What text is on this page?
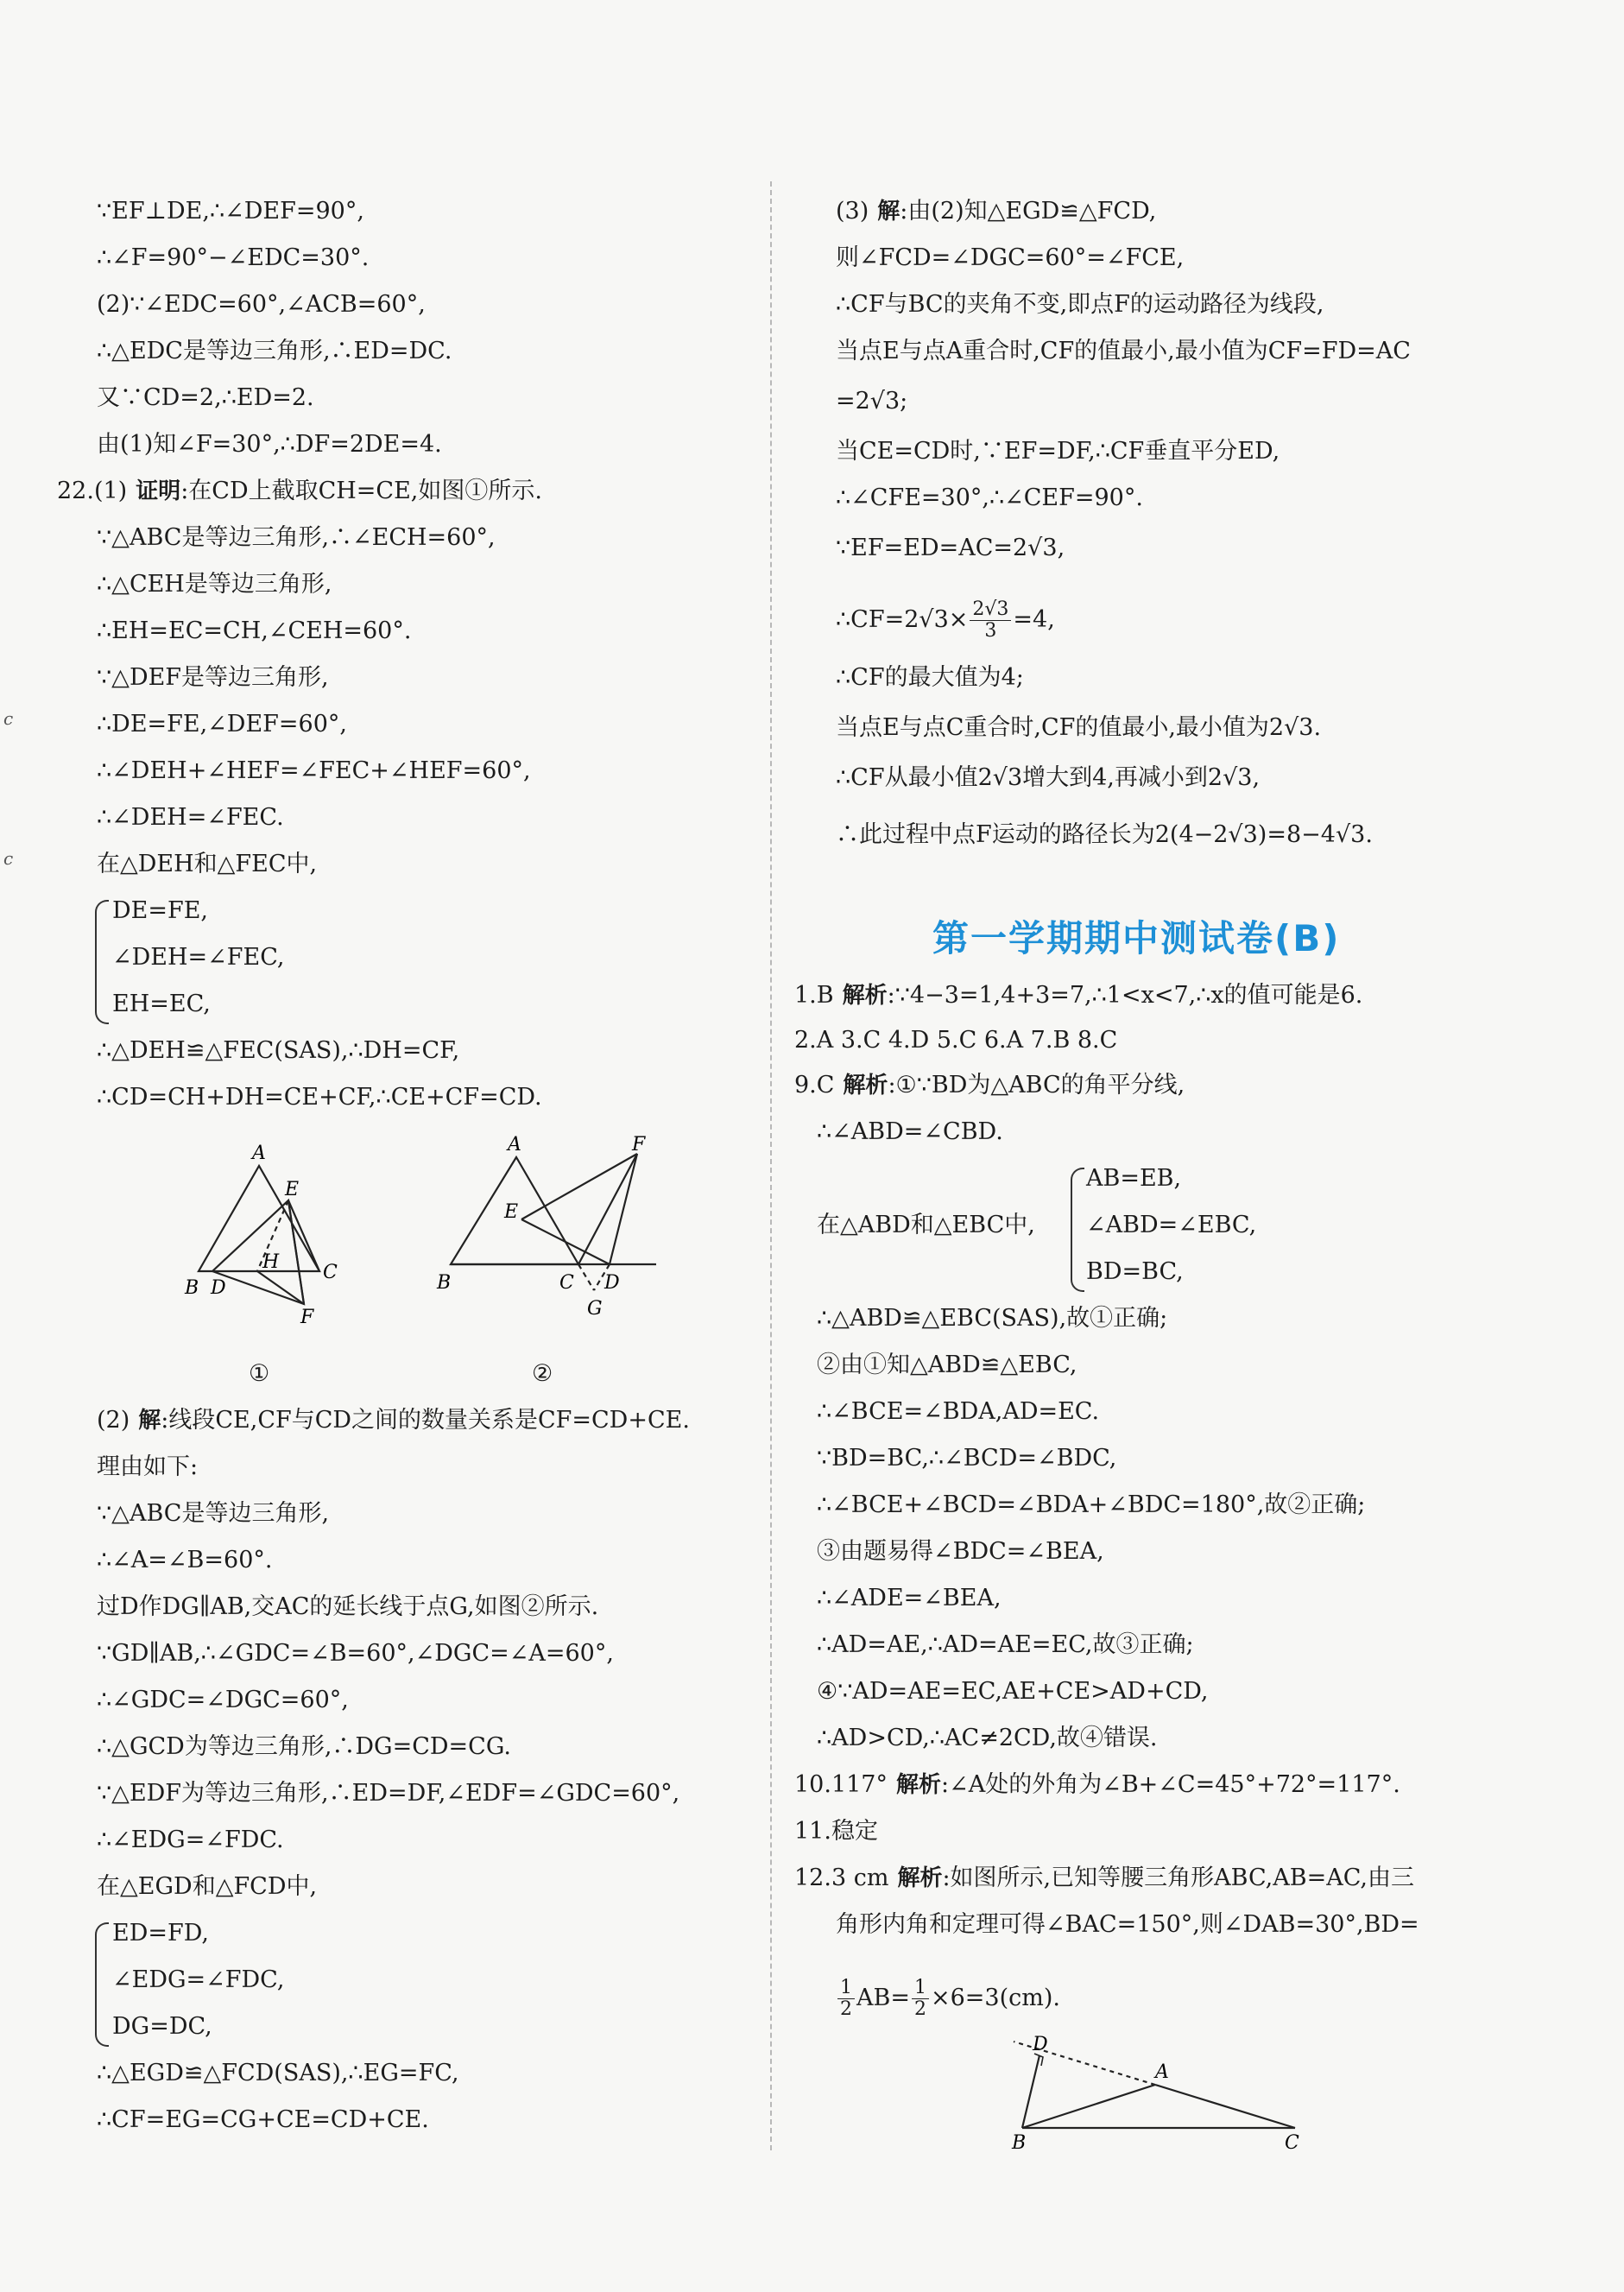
∵EF⊥DE,∴∠DEF=90°,
∴∠F=90°−∠EDC=30°.
(2)∵∠EDC=60°,∠ACB=60°,
∴△EDC是等边三角形,∴ED=DC.
又∵CD=2,∴ED=2.
由(1)知∠F=30°,∴DF=2DE=4.
22.(1) 证明:在CD上截取CH=CE,如图①所示.
∵△ABC是等边三角形,∴∠ECH=60°,
∴△CEH是等边三角形,
∴EH=EC=CH,∠CEH=60°.
∵△DEF是等边三角形,
∴DE=FE,∠DEF=60°,
∴∠DEH+∠HEF=∠FEC+∠HEF=60°,
∴∠DEH=∠FEC.
在△DEH和△FEC中,
DE=FE,
∠DEH=∠FEC,
EH=EC,
∴△DEH≌△FEC(SAS),∴DH=CF,
∴CD=CH+DH=CE+CF,∴CE+CF=CD.
(2) 解:线段CE,CF与CD之间的数量关系是CF=CD+CE.
理由如下:
∵△ABC是等边三角形,
∴∠A=∠B=60°.
过D作DG∥AB,交AC的延长线于点G,如图②所示.
∵GD∥AB,∴∠GDC=∠B=60°,∠DGC=∠A=60°,
∴∠GDC=∠DGC=60°,
∴△GCD为等边三角形,∴DG=CD=CG.
∵△EDF为等边三角形,∴ED=DF,∠EDF=∠GDC=60°,
∴∠EDG=∠FDC.
在△EGD和△FCD中,
ED=FD,
∠EDG=∠FDC,
DG=DC,
∴△EGD≌△FCD(SAS),∴EG=FC,
∴CF=EG=CG+CE=CD+CE.
(3) 解:由(2)知△EGD≌△FCD,
则∠FCD=∠DGC=60°=∠FCE,
∴CF与BC的夹角不变,即点F的运动路径为线段,
当点E与点A重合时,CF的值最小,最小值为CF=FD=AC
=2√3;
当CE=CD时,∵EF=DF,∴CF垂直平分ED,
∴∠CFE=30°,∴∠CEF=90°.
∵EF=ED=AC=2√3,
∴CF=2√3× $\frac{2√3}{3} =4$,
∴CF的最大值为4;
当点E与点C重合时,CF的值最小,最小值为2√3.
∴CF从最小值2√3增大到4,再减小到2√3,
∴此过程中点F运动的路径长为2(4−2√3)=8−4√3.
1.B 解析:∵4−3=1,4+3=7,∴1<x<7,∴x的值可能是6.
2.A 3.C 4.D 5.C 6.A 7.B 8.C
9.C 解析:①∵BD为△ABC的角平分线,
∴∠ABD=∠CBD.
AB=EB,
在△ABD和△EBC中, ∠ABD=∠EBC,
BD=BC,
∴△ABD≌△EBC(SAS),故①正确;
②由①知△ABD≌△EBC,
∴∠BCE=∠BDA,AD=EC.
∵BD=BC,∴∠BCD=∠BDC,
∴∠BCE+∠BCD=∠BDA+∠BDC=180°,故②正确;
③由题易得∠BDC=∠BEA,
∴∠ADE=∠BEA,
∴AD=AE,∴AD=AE=EC,故③正确;
④∵AD=AE=EC,AE+CE>AD+CD,
∴AD>CD,∴AC≠2CD,故④错误.
10.117° 解析:∠A处的外角为∠B+∠C=45°+72°=117°.
11.稳定
12.3 cm 解析:如图所示,已知等腰三角形ABC,AB=AC,由三
角形内角和定理可得∠BAC=150°,则∠DAB=30°,BD=
$\frac{1}{2} AB= \frac{1}{2} \times 6=3(cm)$.
第一学期期中测试卷(B)
c
c
A
E
H
B D
C
F
①
A	F
E
B	C D
G
②
D
A
B	C
